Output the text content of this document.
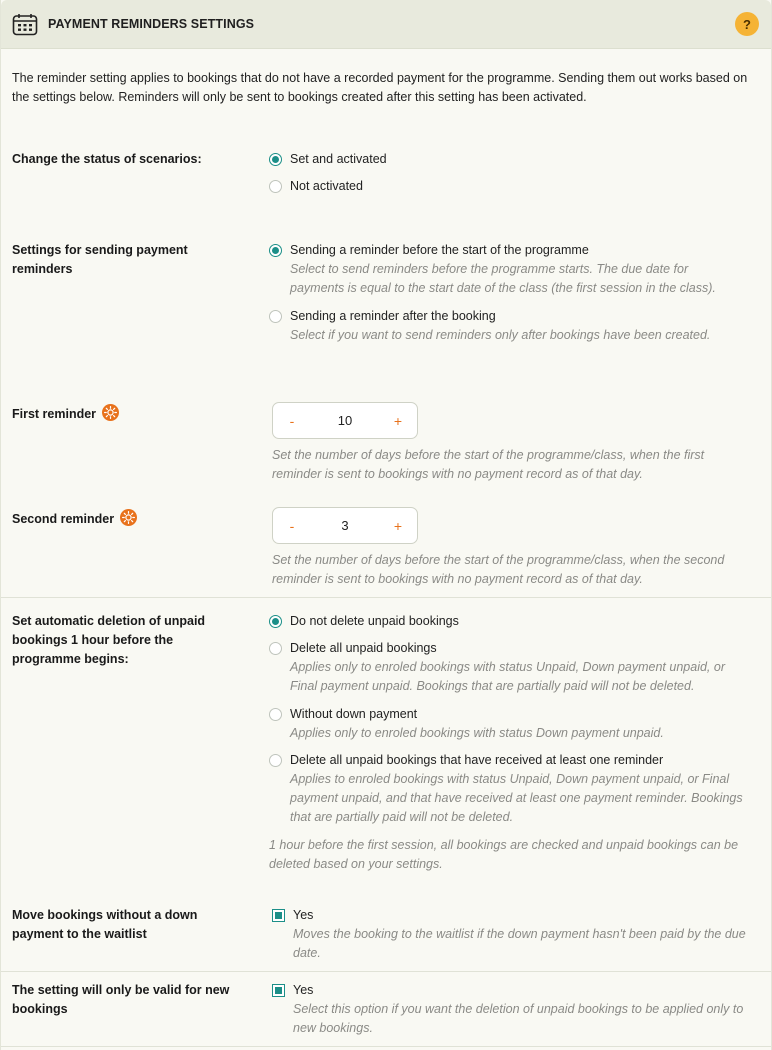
PAYMENT REMINDERS SETTINGS	?

The reminder setting applies to bookings that do not have a recorded payment for the programme. Sending them out works based on the settings below. Reminders will only be sent to bookings created after this setting has been activated.

Change the status of scenarios:	Set and activated
Not activated
Settings for sending payment reminders
Sending a reminder before the start of the programme
Select to send reminders before the programme starts. The due date for payments is equal to the start date of the class (the first session in the class).
Sending a reminder after the booking
Select if you want to send reminders only after bookings have been created.
First reminder	-	10	+
Set the number of days before the start of the programme/class, when the first reminder is sent to bookings with no payment record as of that day.
Second reminder	-	3	+
Set the number of days before the start of the programme/class, when the second reminder is sent to bookings with no payment record as of that day.
Set automatic deletion of unpaid bookings 1 hour before the programme begins:
Do not delete unpaid bookings
Delete all unpaid bookings
Applies only to enroled bookings with status Unpaid, Down payment unpaid, or Final payment unpaid. Bookings that are partially paid will not be deleted.
Without down payment
Applies only to enroled bookings with status Down payment unpaid.
Delete all unpaid bookings that have received at least one reminder
Applies to enroled bookings with status Unpaid, Down payment unpaid, or Final payment unpaid, and that have received at least one payment reminder. Bookings that are partially paid will not be deleted.
1 hour before the first session, all bookings are checked and unpaid bookings can be deleted based on your settings.
Move bookings without a down payment to the waitlist
Yes
Moves the booking to the waitlist if the down payment hasn't been paid by the due date.
The setting will only be valid for new bookings
Yes
Select this option if you want the deletion of unpaid bookings to be applied only to new bookings.
